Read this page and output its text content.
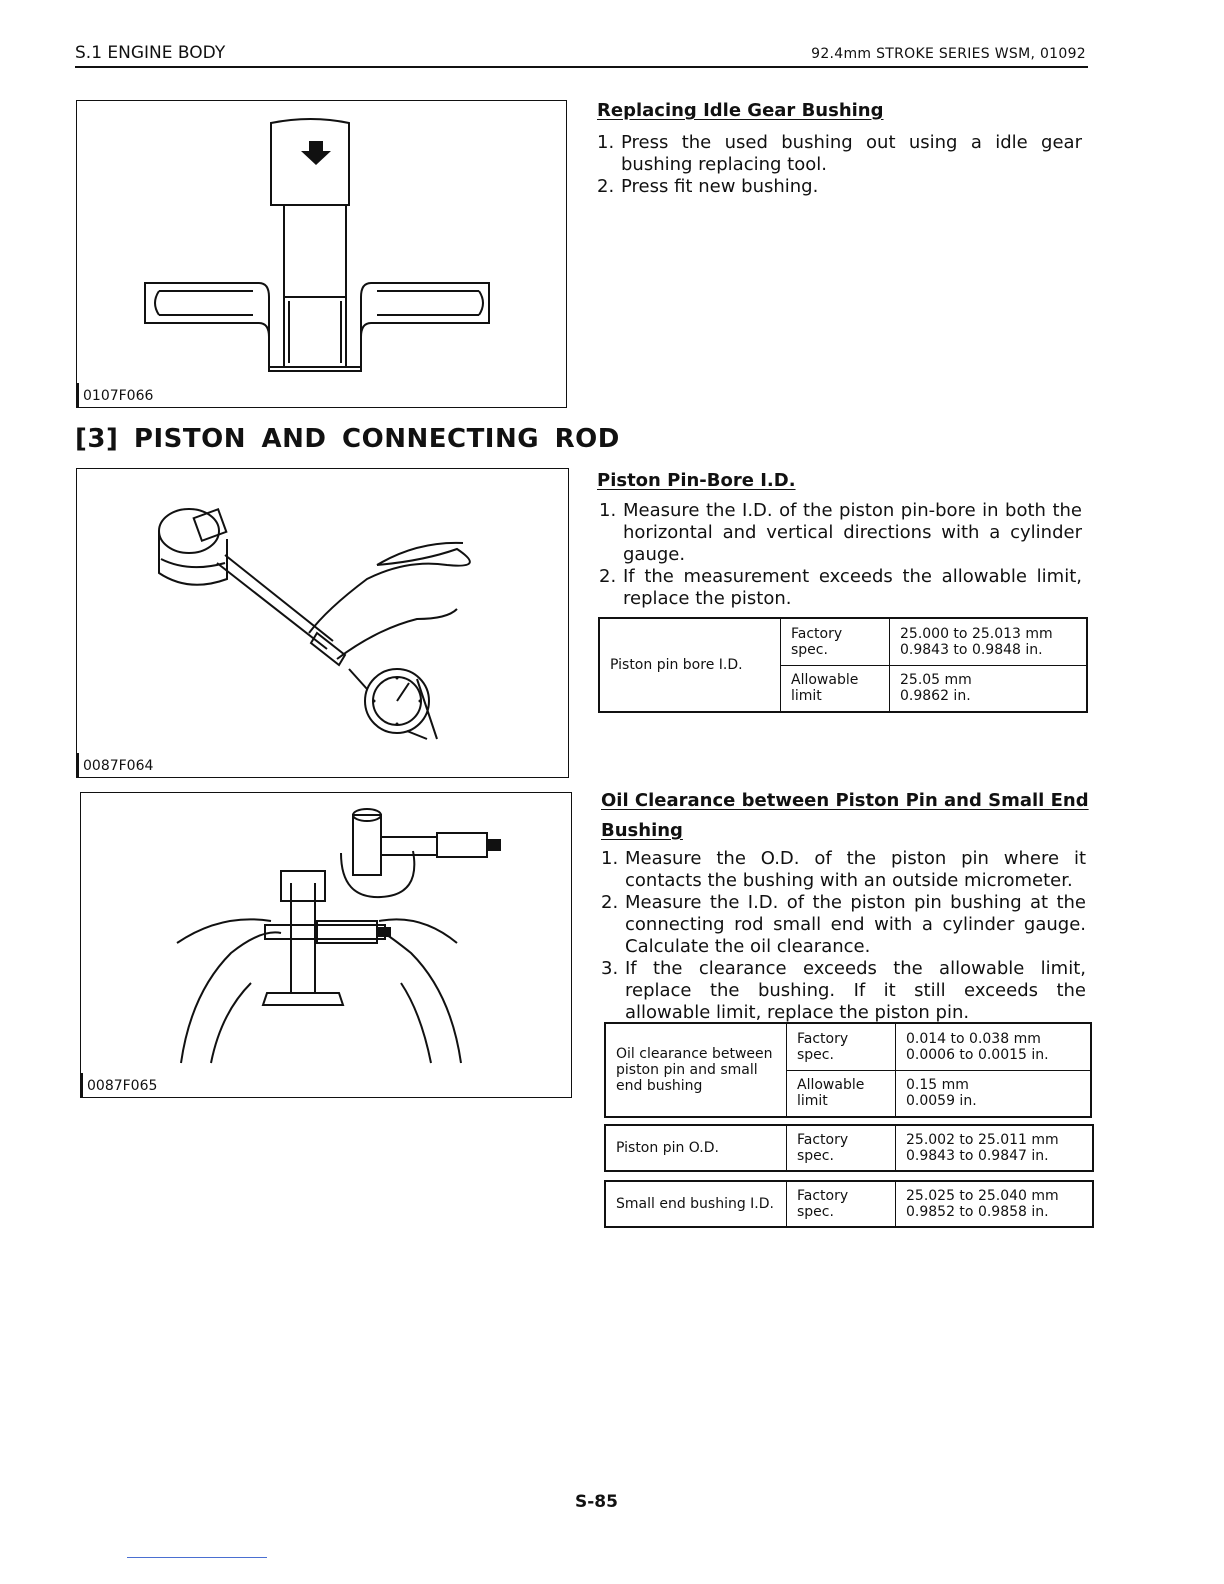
S.1 ENGINE BODY	92.4mm STROKE SERIES WSM, 01092
0107F066
[3] PISTON AND CONNECTING ROD
0087F064
0087F065
Replacing Idle Gear Bushing
1. Press the used bushing out using a idle gear bushing replacing tool.
2. Press fit new bushing.
Piston Pin-Bore I.D.
1. Measure the I.D. of the piston pin-bore in both the horizontal and vertical directions with a cylinder gauge.
2. If the measurement exceeds the allowable limit, replace the piston.
Piston pin bore I.D.	Factory spec.	25.000 to 25.013 mm
0.9843 to 0.9848 in.

	Allowable limit	25.05 mm
0.9862 in.
Oil Clearance between Piston Pin and Small End
Bushing
1. Measure the O.D. of the piston pin where it contacts the bushing with an outside micrometer.
2. Measure the I.D. of the piston pin bushing at the connecting rod small end with a cylinder gauge. Calculate the oil clearance.
3. If the clearance exceeds the allowable limit, replace the bushing. If it still exceeds the allowable limit, replace the piston pin.
Oil clearance between piston pin and small end bushing	Factory spec.	0.014 to 0.038 mm
0.0006 to 0.0015 in.

	Allowable limit	0.15 mm
0.0059 in.
Piston pin O.D.	Factory spec.	
25.002 to 25.011 mm
0.9843 to 0.9847 in.
Small end bushing I.D.	Factory spec.	
25.025 to 25.040 mm
0.9852 to 0.9858 in.
S-85
